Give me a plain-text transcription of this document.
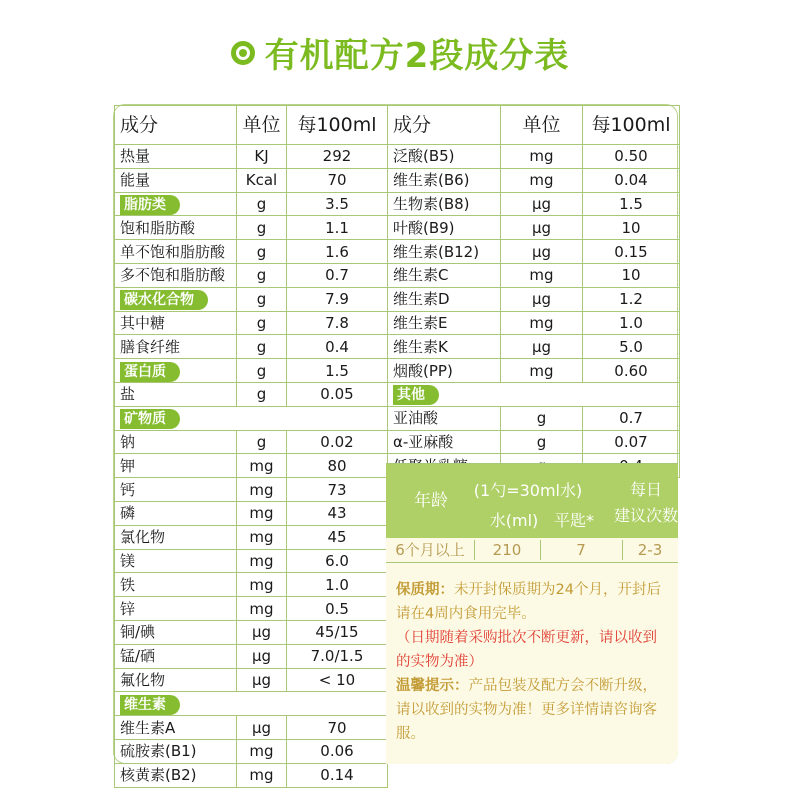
有机配方2段成分表
成分	单位	每100ml
热量	KJ	292
能量	Kcal	70
脂肪类	g	3.5
饱和脂肪酸	g	1.1
单不饱和脂肪酸	g	1.6
多不饱和脂肪酸	g	0.7
碳水化合物	g	7.9
其中糖	g	7.8
膳食纤维	g	0.4
蛋白质	g	1.5
盐	g	0.05
矿物质		
钠	g	0.02
钾	mg	80
钙	mg	73
磷	mg	43
氯化物	mg	45
镁	mg	6.0
铁	mg	1.0
锌	mg	0.5
铜/碘	μg	45/15
锰/硒	μg	7.0/1.5
氟化物	μg	< 10
维生素		
维生素A	μg	70
硫胺素(B1)	mg	0.06
核黄素(B2)	mg	0.14
成分	单位	每100ml
泛酸(B5)	mg	0.50
维生素(B6)	mg	0.04
生物素(B8)	μg	1.5
叶酸(B9)	μg	10
维生素(B12)	μg	0.15
维生素C	mg	10
维生素D	μg	1.2
维生素E	mg	1.0
维生素K	μg	5.0
烟酸(PP)	mg	0.60
其他		
亚油酸	g	0.7
α-亚麻酸	g	0.07

年龄
(1勺=30ml水)
水(ml) 平匙*
每日
建议次数
6个月以上	210	7	2-3
保质期：未开封保质期为24个月，开封后请在4周内食用完毕。
（日期随着采购批次不断更新，请以收到的实物为准）
温馨提示：产品包装及配方会不断升级，请以收到的实物为准！更多详情请咨询客服。
